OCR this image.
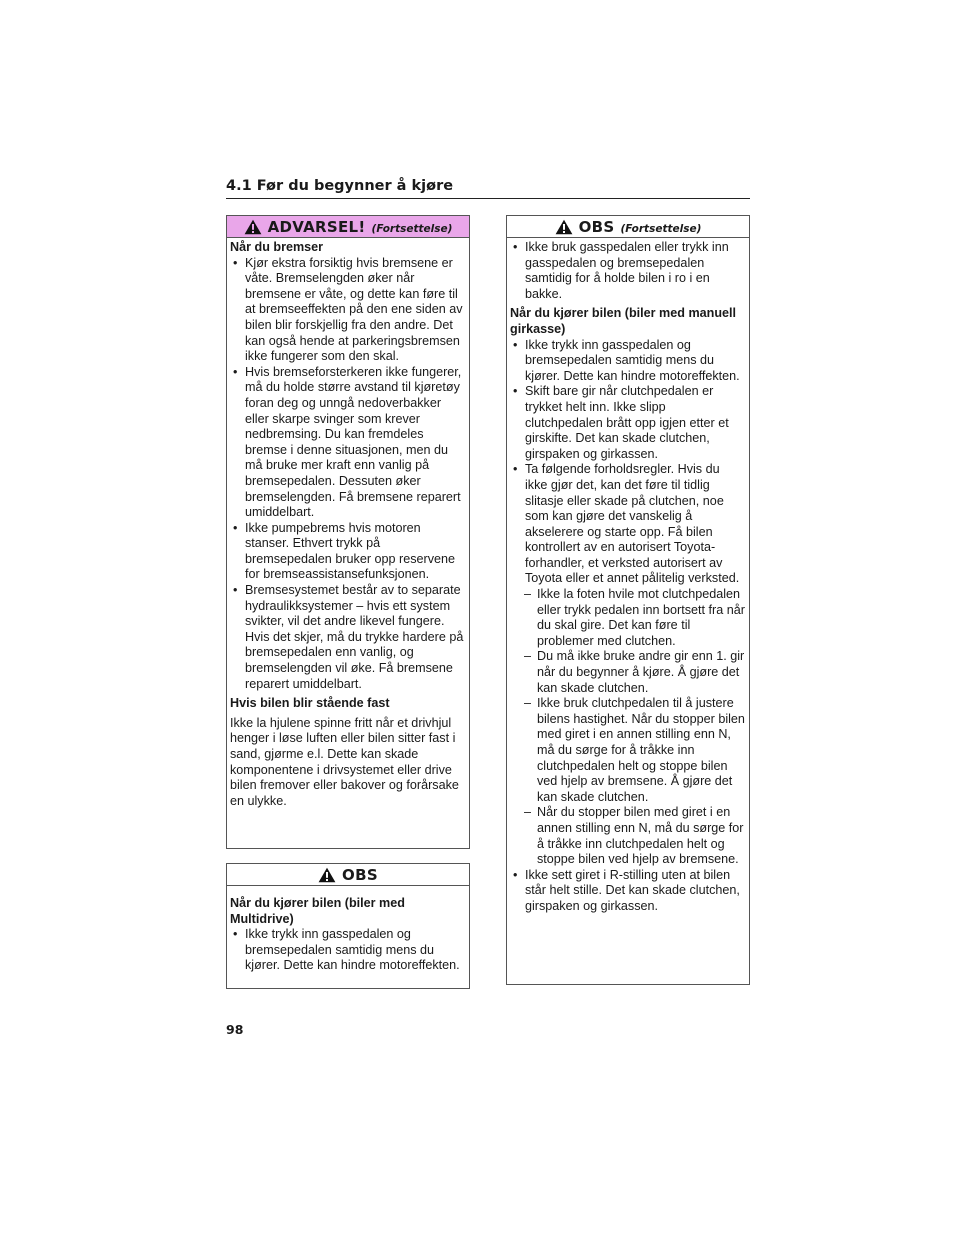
4.1 Før du begynner å kjøre
ADVARSEL! (Fortsettelse)

Når du bremser

• Kjør ekstra forsiktig hvis bremsene er våte. Bremselengden øker når bremsene er våte, og dette kan føre til at bremseeffekten på den ene siden av bilen blir forskjellig fra den andre. Det kan også hende at parkeringsbremsen ikke fungerer som den skal.
• Hvis bremseforsterkeren ikke fungerer, må du holde større avstand til kjøretøy foran deg og unngå nedoverbakker eller skarpe svinger som krever nedbremsing. Du kan fremdeles bremse i denne situasjonen, men du må bruke mer kraft enn vanlig på bremsepedalen. Dessuten øker bremselengden. Få bremsene reparert umiddelbart.
• Ikke pumpebrems hvis motoren stanser. Ethvert trykk på bremsepedalen bruker opp reservene for bremseassistansefunksjonen.
• Bremsesystemet består av to separate hydraulikksystemer – hvis ett system svikter, vil det andre likevel fungere. Hvis det skjer, må du trykke hardere på bremsepedalen enn vanlig, og bremselengden vil øke. Få bremsene reparert umiddelbart.

Hvis bilen blir stående fast

Ikke la hjulene spinne fritt når et drivhjul henger i løse luften eller bilen sitter fast i sand, gjørme e.l. Dette kan skade komponentene i drivsystemet eller drive bilen fremover eller bakover og forårsake en ulykke.

OBS

Når du kjører bilen (biler med Multidrive)

• Ikke trykk inn gasspedalen og bremsepedalen samtidig mens du kjører. Dette kan hindre motoreffekten.
OBS (Fortsettelse)
• Ikke bruk gasspedalen eller trykk inn gasspedalen og bremsepedalen samtidig for å holde bilen i ro i en bakke.

Når du kjører bilen (biler med manuell girkasse)

• Ikke trykk inn gasspedalen og bremsepedalen samtidig mens du kjører. Dette kan hindre motoreffekten.
• Skift bare gir når clutchpedalen er trykket helt inn. Ikke slipp clutchpedalen brått opp igjen etter et girskifte. Det kan skade clutchen, girspaken og girkassen.
• Ta følgende forholdsregler. Hvis du ikke gjør det, kan det føre til tidlig slitasje eller skade på clutchen, noe som kan gjøre det vanskelig å akselerere og starte opp. Få bilen kontrollert av en autorisert Toyota-forhandler, et verksted autorisert av Toyota eller et annet pålitelig verksted.
– Ikke la foten hvile mot clutchpedalen eller trykk pedalen inn bortsett fra når du skal gire. Det kan føre til problemer med clutchen.
– Du må ikke bruke andre gir enn 1. gir når du begynner å kjøre. Å gjøre det kan skade clutchen.
– Ikke bruk clutchpedalen til å justere bilens hastighet. Når du stopper bilen med giret i en annen stilling enn N, må du sørge for å tråkke inn clutchpedalen helt og stoppe bilen ved hjelp av bremsene. Å gjøre det kan skade clutchen.
– Når du stopper bilen med giret i en annen stilling enn N, må du sørge for å tråkke inn clutchpedalen helt og stoppe bilen ved hjelp av bremsene.
• Ikke sett giret i R-stilling uten at bilen står helt stille. Det kan skade clutchen, girspaken og girkassen.
98
